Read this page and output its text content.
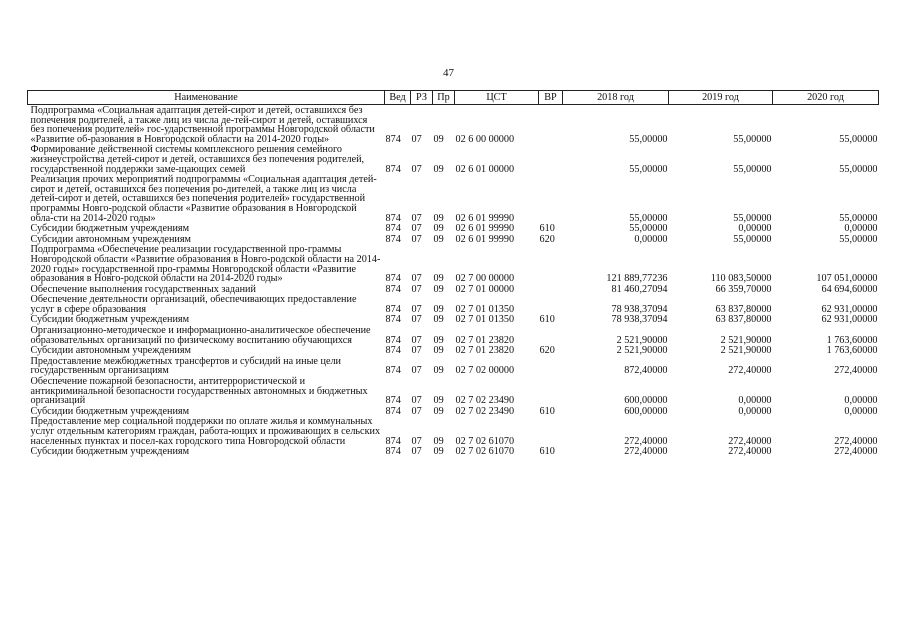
47
Наименование	Вед	РЗ	Пр	ЦСТ	ВР	2018 год	2019 год	2020 год
Подпрограмма «Социальная адаптация детей-сирот и детей, оставшихся без попечения родителей, а также лиц из числа де-тей-сирот и детей, оставшихся без попечения родителей» гос-ударственной программы Новгородской области «Развитие об-разования в Новгородской области на 2014-2020 годы»	874	07	09	02 6 00 00000		55,00000	55,00000	55,00000
Формирование действенной системы комплексного решения семейного жизнеустройства детей-сирот и детей, оставшихся без попечения родителей, государственной поддержки заме-щающих семей	874	07	09	02 6 01 00000		55,00000	55,00000	55,00000
Реализация прочих мероприятий подпрограммы «Социальная адаптация детей-сирот и детей, оставшихся без попечения ро-дителей, а также лиц из числа детей-сирот и детей, оставшихся без попечения родителей» государственной программы Новго-родской области «Развитие образования в Новгородской обла-сти на 2014-2020 годы»	874	07	09	02 6 01 99990		55,00000	55,00000	55,00000
Субсидии бюджетным учреждениям	874	07	09	02 6 01 99990	610	55,00000	0,00000	0,00000
Субсидии автономным учреждениям	874	07	09	02 6 01 99990	620	0,00000	55,00000	55,00000
Подпрограмма «Обеспечение реализации государственной про-граммы Новгородской области «Развитие образования в Новго-родской области на 2014-2020 годы» государственной про-граммы Новгородской области «Развитие образования в Новго-родской области на 2014-2020 годы»	874	07	09	02 7 00 00000		121 889,77236	110 083,50000	107 051,00000
Обеспечение выполнения государственных заданий	874	07	09	02 7 01 00000		81 460,27094	66 359,70000	64 694,60000
Обеспечение деятельности организаций, обеспечивающих предоставление услуг в сфере образования	874	07	09	02 7 01 01350		78 938,37094	63 837,80000	62 931,00000
Субсидии бюджетным учреждениям	874	07	09	02 7 01 01350	610	78 938,37094	63 837,80000	62 931,00000
Организационно-методическое и информационно-аналитическое обеспечение образовательных организаций по физическому воспитанию обучающихся	874	07	09	02 7 01 23820		2 521,90000	2 521,90000	1 763,60000
Субсидии автономным учреждениям	874	07	09	02 7 01 23820	620	2 521,90000	2 521,90000	1 763,60000
Предоставление межбюджетных трансфертов и субсидий на иные цели государственным организациям	874	07	09	02 7 02 00000		872,40000	272,40000	272,40000
Обеспечение пожарной безопасности, антитеррористической и антикриминальной безопасности государственных автономных и бюджетных организаций	874	07	09	02 7 02 23490		600,00000	0,00000	0,00000
Субсидии бюджетным учреждениям	874	07	09	02 7 02 23490	610	600,00000	0,00000	0,00000
Предоставление мер социальной поддержки по оплате жилья и коммунальных услуг отдельным категориям граждан, работа-ющих и проживающих в сельских населенных пунктах и посел-ках городского типа Новгородской области	874	07	09	02 7 02 61070		272,40000	272,40000	272,40000
Субсидии бюджетным учреждениям	874	07	09	02 7 02 61070	610	272,40000	272,40000	272,40000
